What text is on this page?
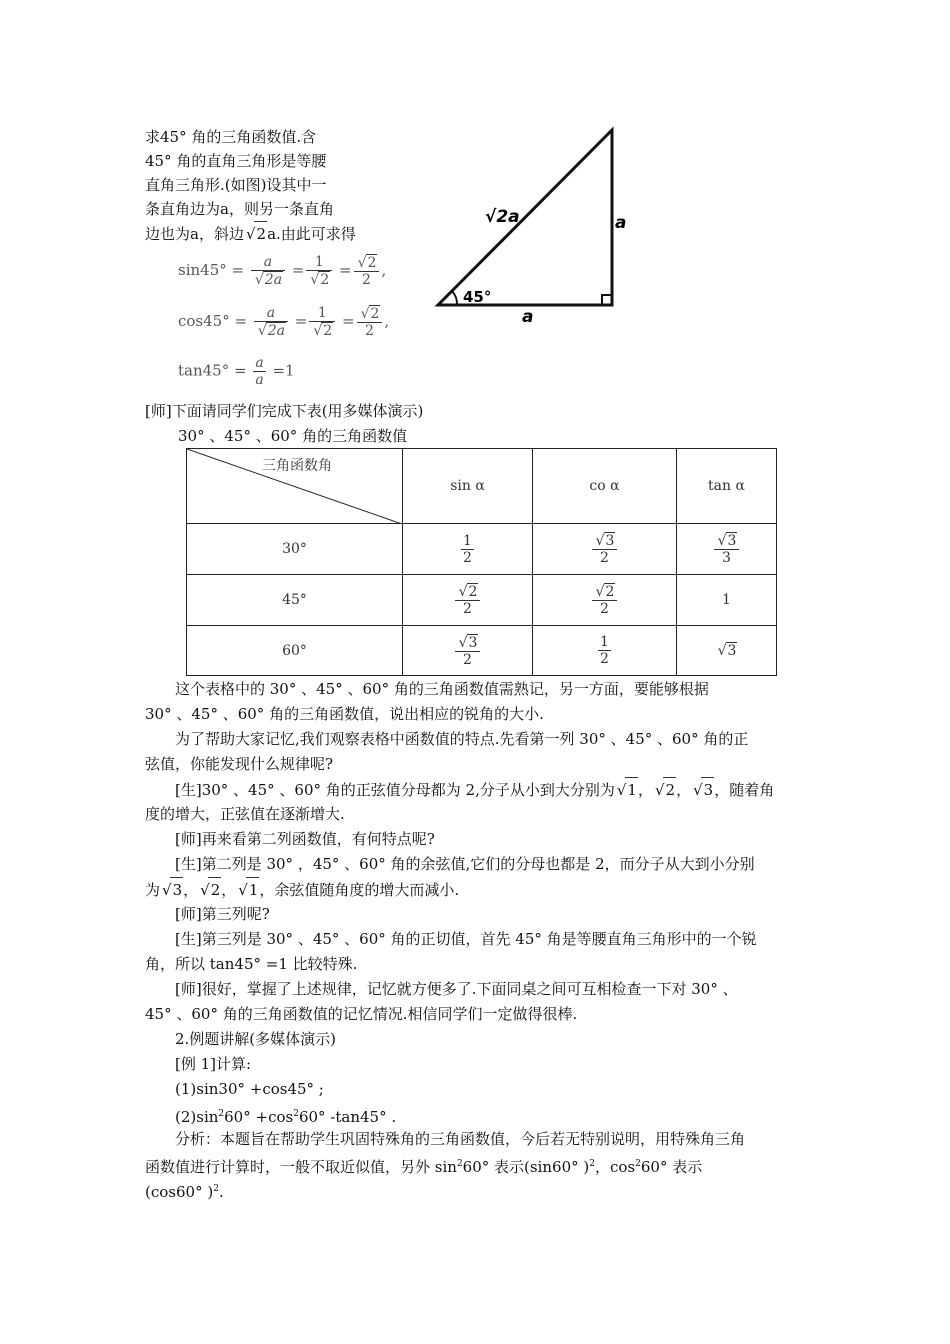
求45° 角的三角函数值.含
45° 角的直角三角形是等腰
直角三角形.(如图)设其中一
条直角边为a，则另一条直角
边也为a，斜边 √ 2a.由此可求得
sin45° = a
√ 2a = 1
√ 2 = √ $\frac{2}{2}$ ,
cos45° = a
√ 2a = 1
√ 2 = √ $\frac{2}{2}$ ,
$\tan 45^\circ = \frac{a}{a} =1$
√2a	a
a
45°
[师]下面请同学们完成下表(用多媒体演示)
30° 、45° 、60° 角的三角函数值
三角函数角	sin α	co α	tan α
30°	$\frac{1}{2}$	√ $\frac{3}{2}$	√ $\frac{3}{3}$

45°	√ $\frac{2}{2}$	√ $\frac{2}{2}$	1
60°	√ $\frac{3}{2}$	$\frac{1}{2}$	√ 3
这个表格中的 30° 、45° 、60° 角的三角函数值需熟记，另一方面，要能够根据
30° 、45° 、60° 角的三角函数值，说出相应的锐角的大小.
为了帮助大家记忆,我们观察表格中函数值的特点.先看第一列 30° 、45° 、60° 角的正
弦值，你能发现什么规律呢?
[生]30° 、45° 、60° 角的正弦值分母都为 2,分子从小到大分别为 √ 1， √ 2， √ 3，随着角
度的增大，正弦值在逐渐增大.
[师]再来看第二列函数值，有何特点呢?
[生]第二列是 30° ，45° 、60° 角的余弦值,它们的分母也都是 2，而分子从大到小分别
为 √ 3， √ 2， √ 1，余弦值随角度的增大而减小.
[师]第三列呢?
[生]第三列是 30° 、45° 、60° 角的正切值，首先 45° 角是等腰直角三角形中的一个锐
角，所以 tan45° =1 比较特殊.
[师]很好，掌握了上述规律，记忆就方便多了.下面同桌之间可互相检查一下对 30° 、
45° 、60° 角的三角函数值的记忆情况.相信同学们一定做得很棒.
2.例题讲解(多媒体演示)
[例 1]计算:
(1)sin30° +cos45° ;
$(2)\sin^260^\circ +\cos^260^\circ$ -tan45° .
分析：本题旨在帮助学生巩固特殊角的三角函数值，今后若无特别说明，用特殊角三角
函数值进行计算时，一般不取近似值，另外 $\sin^260^\circ$ 表示(sin60° )$^2$，$\cos^260^\circ$ 表示
(cos60° )$^2$.
